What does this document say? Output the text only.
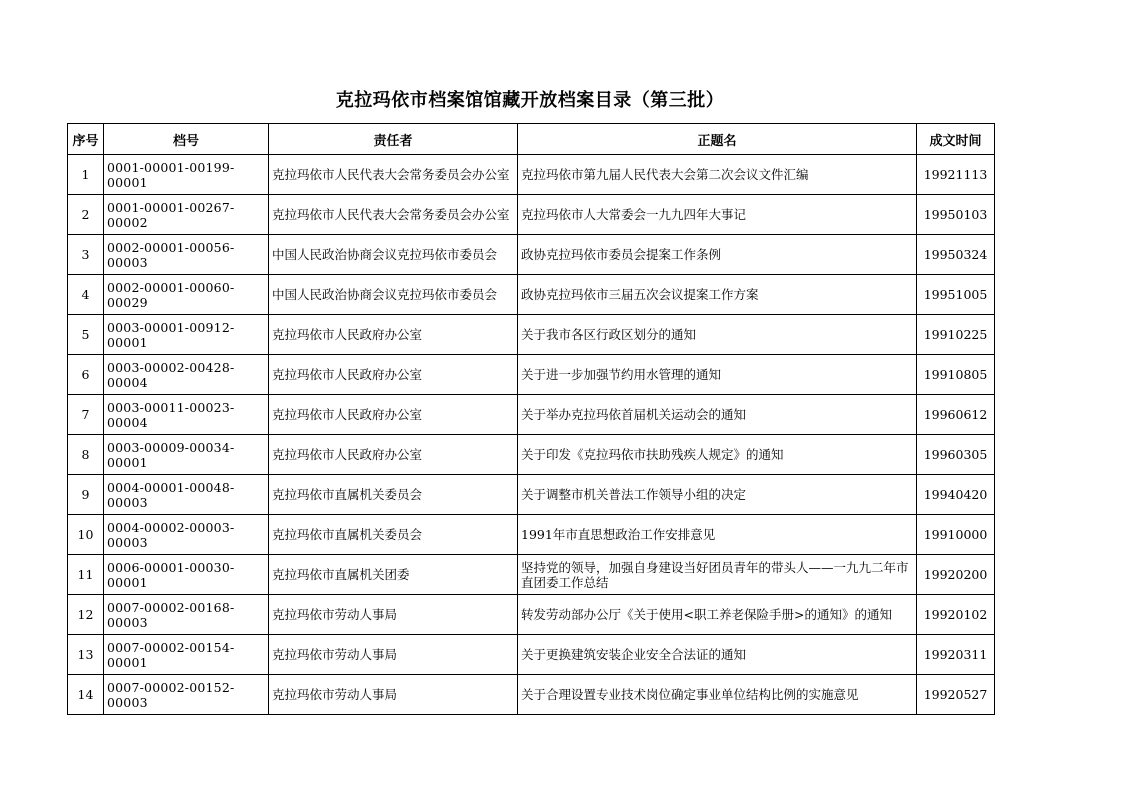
克拉玛依市档案馆馆藏开放档案目录（第三批）
序号	档号	责任者	正题名	成文时间
1	0001-00001-00199-00001	克拉玛依市人民代表大会常务委员会办公室	克拉玛依市第九届人民代表大会第二次会议文件汇编	19921113
2	0001-00001-00267-00002	克拉玛依市人民代表大会常务委员会办公室	克拉玛依市人大常委会一九九四年大事记	19950103
3	0002-00001-00056-00003	中国人民政治协商会议克拉玛依市委员会	政协克拉玛依市委员会提案工作条例	19950324
4	0002-00001-00060-00029	中国人民政治协商会议克拉玛依市委员会	政协克拉玛依市三届五次会议提案工作方案	19951005
5	0003-00001-00912-00001	克拉玛依市人民政府办公室	关于我市各区行政区划分的通知	19910225
6	0003-00002-00428-00004	克拉玛依市人民政府办公室	关于进一步加强节约用水管理的通知	19910805
7	0003-00011-00023-00004	克拉玛依市人民政府办公室	关于举办克拉玛依首届机关运动会的通知	19960612
8	0003-00009-00034-00001	克拉玛依市人民政府办公室	关于印发《克拉玛依市扶助残疾人规定》的通知	19960305
9	0004-00001-00048-00003	克拉玛依市直属机关委员会	关于调整市机关普法工作领导小组的决定	19940420
10	0004-00002-00003-00003	克拉玛依市直属机关委员会	1991年市直思想政治工作安排意见	19910000
11	0006-00001-00030-00001	克拉玛依市直属机关团委	坚持党的领导，加强自身建设当好团员青年的带头人——一九九二年市直团委工作总结	19920200
12	0007-00002-00168-00003	克拉玛依市劳动人事局	转发劳动部办公厅《关于使用<职工养老保险手册>的通知》的通知	19920102
13	0007-00002-00154-00001	克拉玛依市劳动人事局	关于更换建筑安装企业安全合法证的通知	19920311
14	0007-00002-00152-00003	克拉玛依市劳动人事局	关于合理设置专业技术岗位确定事业单位结构比例的实施意见	19920527
